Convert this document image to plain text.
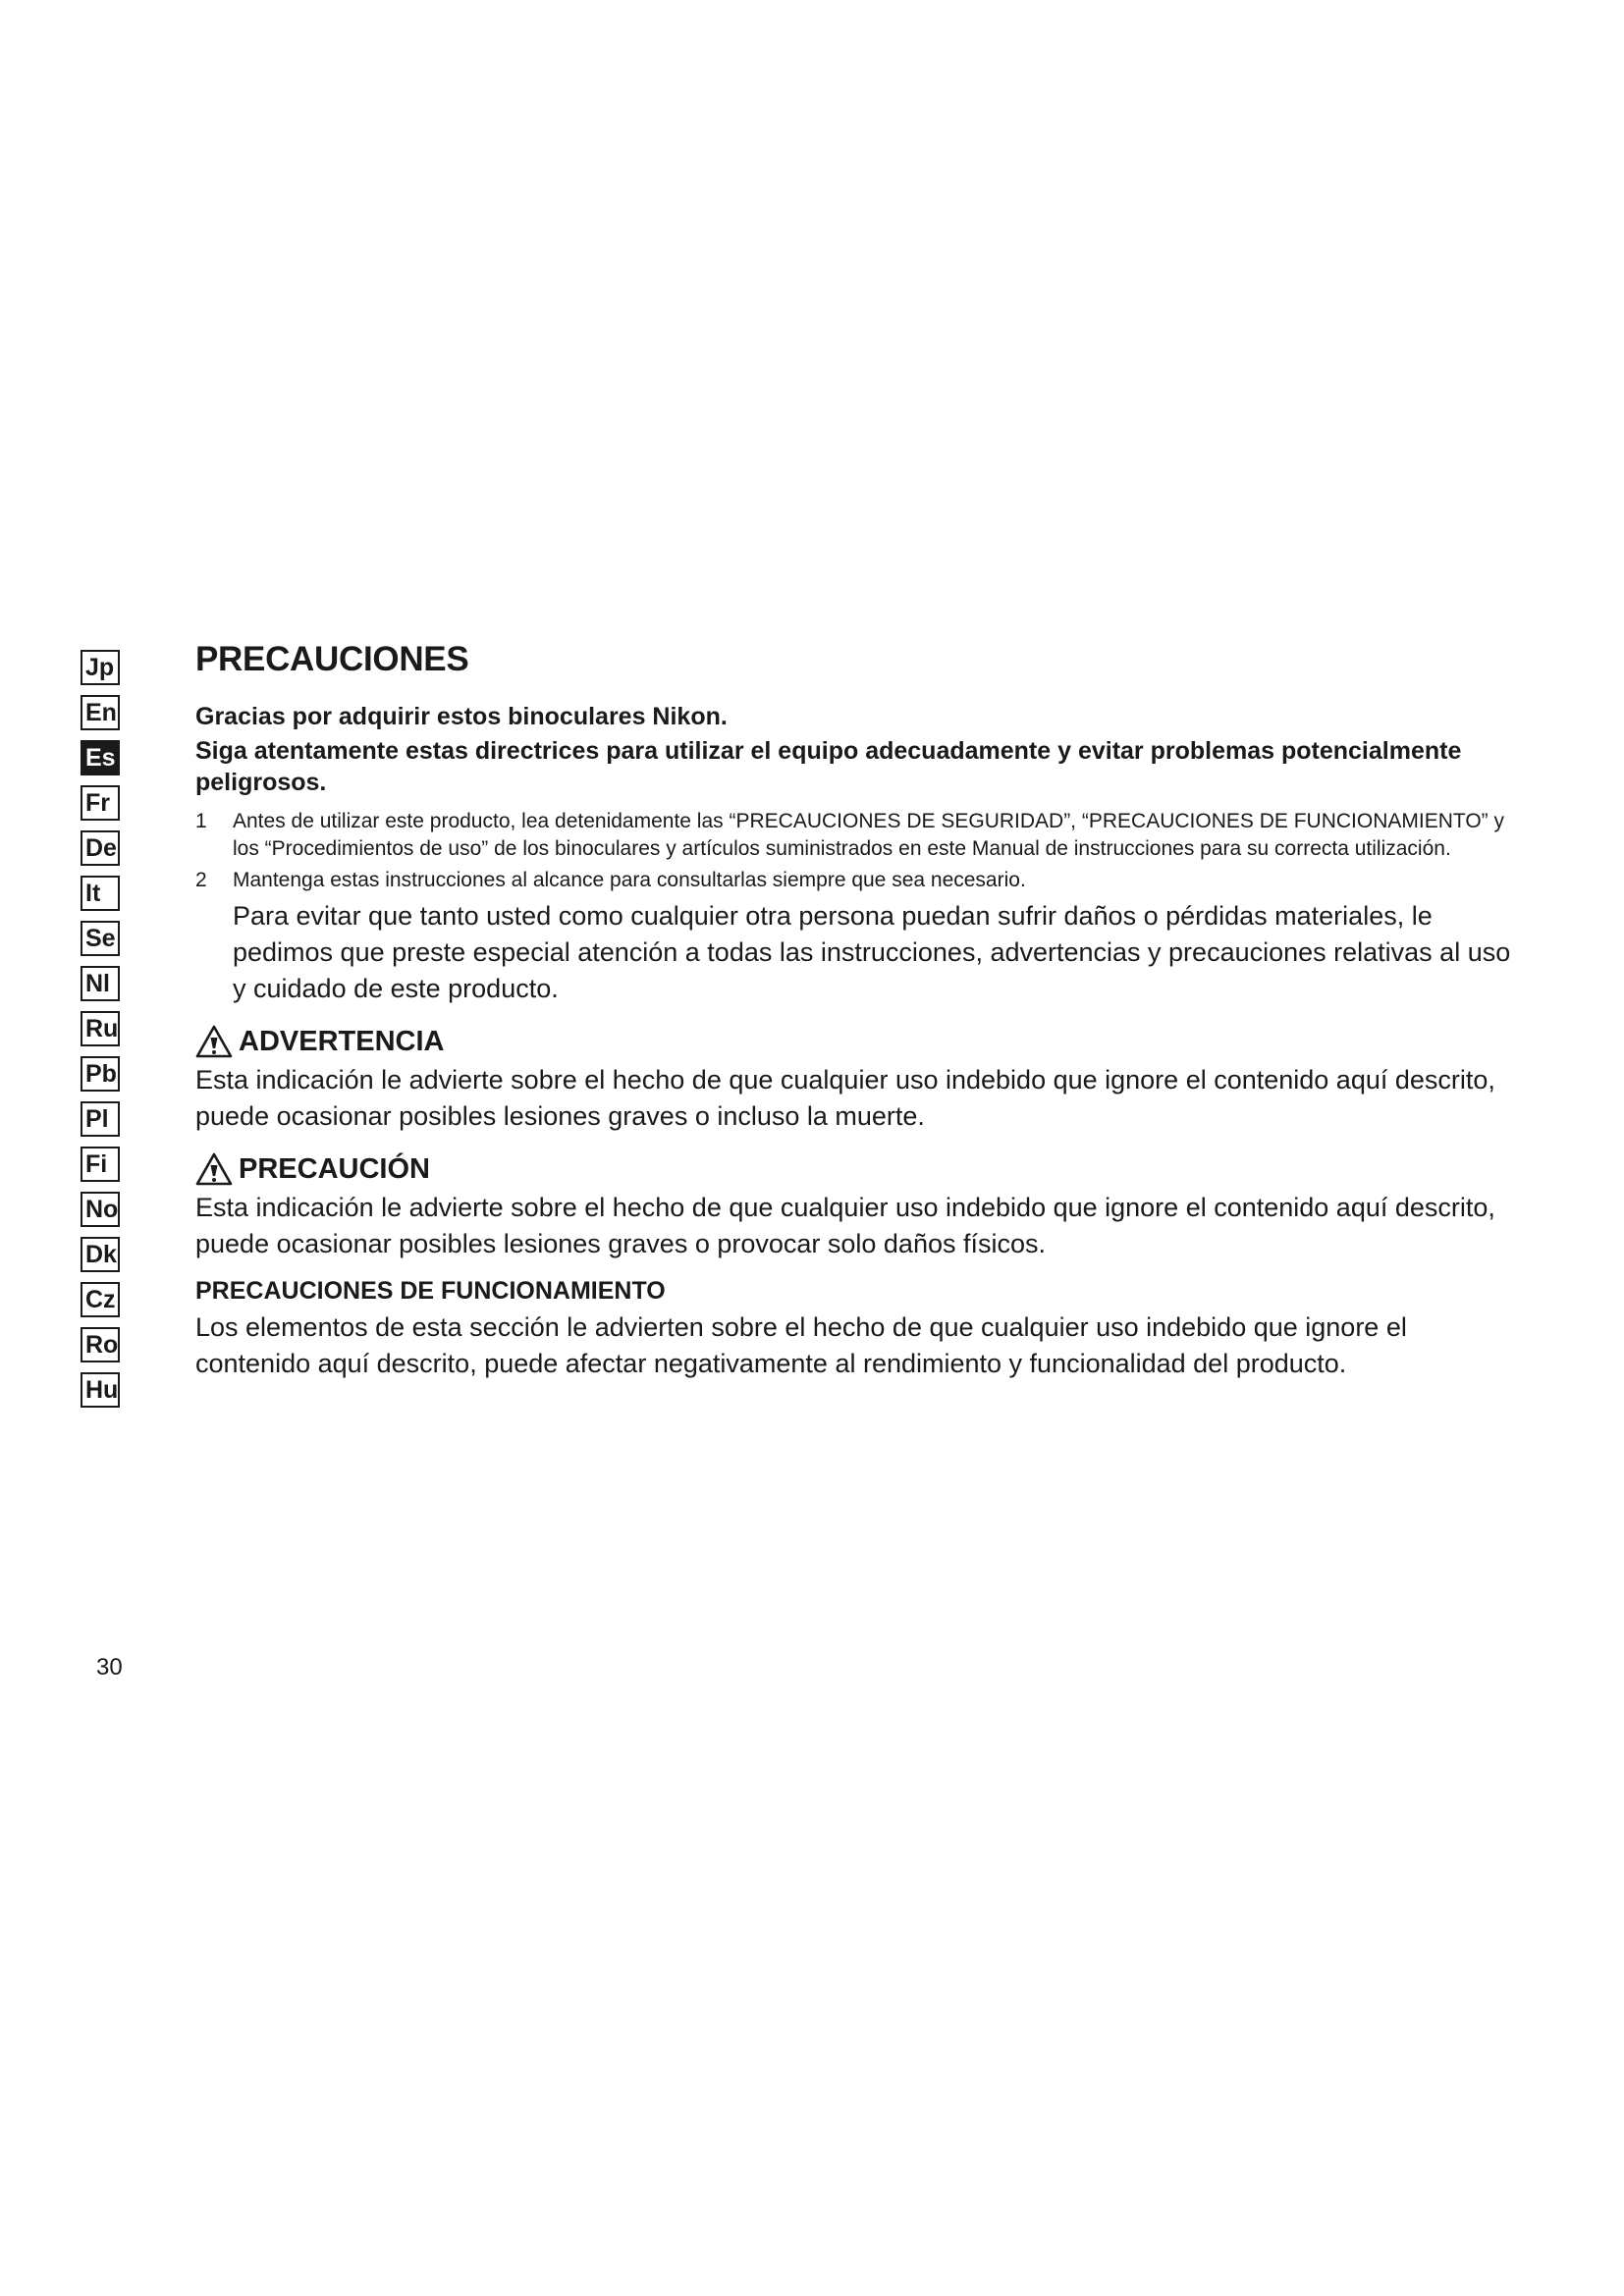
Jp
En
Es
Fr
De
It
Se
Nl
Ru
Pb
Pl
Fi
No
Dk
Cz
Ro
Hu
PRECAUCIONES

Gracias por adquirir estos binoculares Nikon.

Siga atentamente estas directrices para utilizar el equipo adecuadamente y evitar problemas potencialmente peligrosos.

1	Antes de utilizar este producto, lea detenidamente las “PRECAUCIONES DE SEGURIDAD”, “PRECAUCIONES DE FUNCIONAMIENTO” y los “Procedimientos de uso” de los binoculares y artículos suministrados en este Manual de instrucciones para su correcta utilización.
2	Mantenga estas instrucciones al alcance para consultarlas siempre que sea necesario.

Para evitar que tanto usted como cualquier otra persona puedan sufrir daños o pérdidas materiales, le pedimos que preste especial atención a todas las instrucciones, advertencias y precauciones relativas al uso y cuidado de este producto.

ADVERTENCIA

Esta indicación le advierte sobre el hecho de que cualquier uso indebido que ignore el contenido aquí descrito, puede ocasionar posibles lesiones graves o incluso la muerte.

PRECAUCIÓN

Esta indicación le advierte sobre el hecho de que cualquier uso indebido que ignore el contenido aquí descrito, puede ocasionar posibles lesiones graves o provocar solo daños físicos.

PRECAUCIONES DE FUNCIONAMIENTO

Los elementos de esta sección le advierten sobre el hecho de que cualquier uso indebido que ignore el contenido aquí descrito, puede afectar negativamente al rendimiento y funcionalidad del producto.

30
